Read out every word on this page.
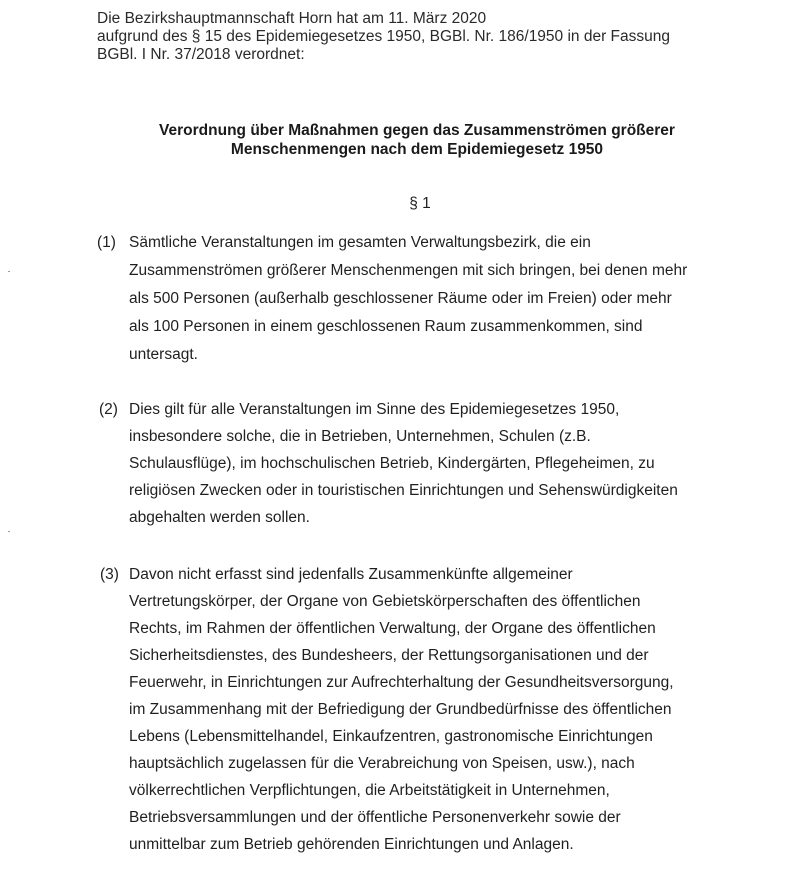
Die Bezirkshauptmannschaft Horn hat am 11. März 2020
aufgrund des § 15 des Epidemiegesetzes 1950, BGBl. Nr. 186/1950 in der Fassung
BGBl. I Nr. 37/2018 verordnet:
Verordnung über Maßnahmen gegen das Zusammenströmen größerer
Menschenmengen nach dem Epidemiegesetz 1950
§ 1
(1) Sämtliche Veranstaltungen im gesamten Verwaltungsbezirk, die ein
Zusammenströmen größerer Menschenmengen mit sich bringen, bei denen mehr
als 500 Personen (außerhalb geschlossener Räume oder im Freien) oder mehr
als 100 Personen in einem geschlossenen Raum zusammenkommen, sind
untersagt.
(2) Dies gilt für alle Veranstaltungen im Sinne des Epidemiegesetzes 1950,
insbesondere solche, die in Betrieben, Unternehmen, Schulen (z.B.
Schulausflüge), im hochschulischen Betrieb, Kindergärten, Pflegeheimen, zu
religiösen Zwecken oder in touristischen Einrichtungen und Sehenswürdigkeiten
abgehalten werden sollen.
(3) Davon nicht erfasst sind jedenfalls Zusammenkünfte allgemeiner
Vertretungskörper, der Organe von Gebietskörperschaften des öffentlichen
Rechts, im Rahmen der öffentlichen Verwaltung, der Organe des öffentlichen
Sicherheitsdienstes, des Bundesheers, der Rettungsorganisationen und der
Feuerwehr, in Einrichtungen zur Aufrechterhaltung der Gesundheitsversorgung,
im Zusammenhang mit der Befriedigung der Grundbedürfnisse des öffentlichen
Lebens (Lebensmittelhandel, Einkaufzentren, gastronomische Einrichtungen
hauptsächlich zugelassen für die Verabreichung von Speisen, usw.), nach
völkerrechtlichen Verpflichtungen, die Arbeitstätigkeit in Unternehmen,
Betriebsversammlungen und der öffentliche Personenverkehr sowie der
unmittelbar zum Betrieb gehörenden Einrichtungen und Anlagen.
